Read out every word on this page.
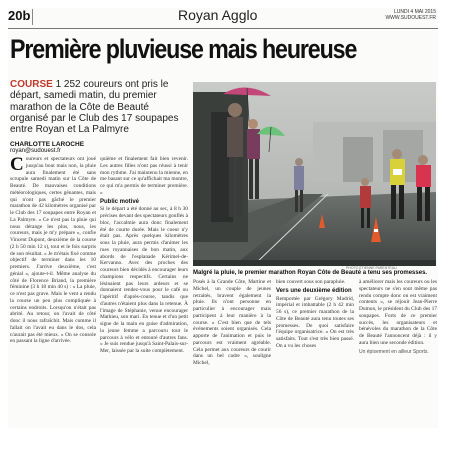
20b	Royan Agglo	LUNDI 4 MAI 2015
WWW.SUDOUEST.FR
Première pluvieuse mais heureuse
COURSE 1 252 coureurs ont pris le départ, samedi matin, du premier marathon de la Côte de Beauté organisé par le Club des 17 soupapes entre Royan et La Palmyre
CHARLOTTE LAROCHE
royan@sudouest.fr

Coureurs et spectateurs ont joué jusqu'au bout mais non, la pluie aura finalement été sans scrupule samedi matin sur la Côte de Beauté. De mauvaises conditions météorologiques, certes gênantes, mais qui n'ont pas gâché le premier marathon de 42 kilomètres organisé par le Club des 17 soupapes entre Royan et La Palmyre. « Ce n'est pas la pluie qui nous dérange les plus, nous, les coureurs, mais je m'y prépare », confie Vincent Dupont, deuxième de la course (2 h 50 min 12 s), tout et le fois surpris de son résultat. « Je m'étais fixé comme objectif de terminer dans les 10 premiers. J'arrive deuxième, c'est génial », ajoute-t-il. Même analyse du côté de Florence Briand, la première féminine (3 h 18 min 40 s) : « La pluie, ce n'est pas grave. Mais le vent a rendu la course un peu plus compliquée à certains endroits. Lorsqu'on n'était pas abrité. Au retour, on l'avait de côté donc il nous rafraîchit. Mais comme il fallait on l'avait eu dans le dos, cela n'aurait pas été mieux. » On se console en passant la ligne d'arrivée.

quième et finalement fait bien revenir. Les autres filles n'ont pas réussi à tenir mon rythme. J'ai maintenu la mienne, en me basant sur ce qu'affichait ma montre, ce qui m'a permis de terminer première. »

Public motivé

Si le départ a été donné au sec, à 8 h 30 précises devant des spectateurs gonflés à bloc, l'accalmie aura donc finalement été de courte durée. Mais le coeur n'y était pas. Après quelques kilomètres sous la pluie, aura permis d'animer les rues royannaises de bon matin, aux abords de l'esplanade Kérimel-de-Kervanno. Avec des proches des coureurs bien décidés à encourager leurs champions respectifs. Certains ne lésinaient pas leurs ardeurs et se donnaient rendez-vous pour le café ou l'apéritif d'après-course, tandis que d'autres n'étaient plus dans la retenue. À l'image de Stéphanie, venue encourager Mathieu, son mari. En tenue et d'un petit signe de la main en guise d'admiration, la jeune femme a parcouru tout le parcours à vélo et entouré d'autres fans. « Je suis rendue jusqu'à Saint-Palais-sur-Mer, laissée par la suite complètement.

PHOTO ÉTIENNE PARENTEAU
Malgré la pluie, le premier marathon Royan Côte de Beauté a tenu ses promesses.

Posés à la Grande Côte, Martine et Michel, un couple de jeunes retraités, bravent également la pluie. Ils n'ont personne en particulier à encourager mais participent à leur manière à la course. « C'est bien que de tels événements soient organisés. Cela apporte de l'animation et puis le parcours est vraiment agréable. Cela permet aux coureurs de courir dans un bel cadre », souligne Michel,

bien couvert sous son parapluie.

Vers une deuxième édition

Remportée par Grégory Madrid, impérial et imbattable (2 h 42 min 56 s), ce premier marathon de la Côte de Beauté aura tenu toutes ses promesses. De quoi satisfaire l'équipe organisatrice. « On est très satisfaits. Tout s'est très bien passé. On a vu les choses

à améliorer mais les coureurs ou les spectateurs ne s'en sont même pas rendu compte donc on est vraiment contents », se réjouit Jean-Pierre Dumon, le président du Club des 17 soupapes. Forts de ce premier succès, les organisateurs et bénévoles du marathon de la Côte de Beauté l'annoncent déjà : il y aura bien une seconde édition.

Un épisement en ailleur Sports.
